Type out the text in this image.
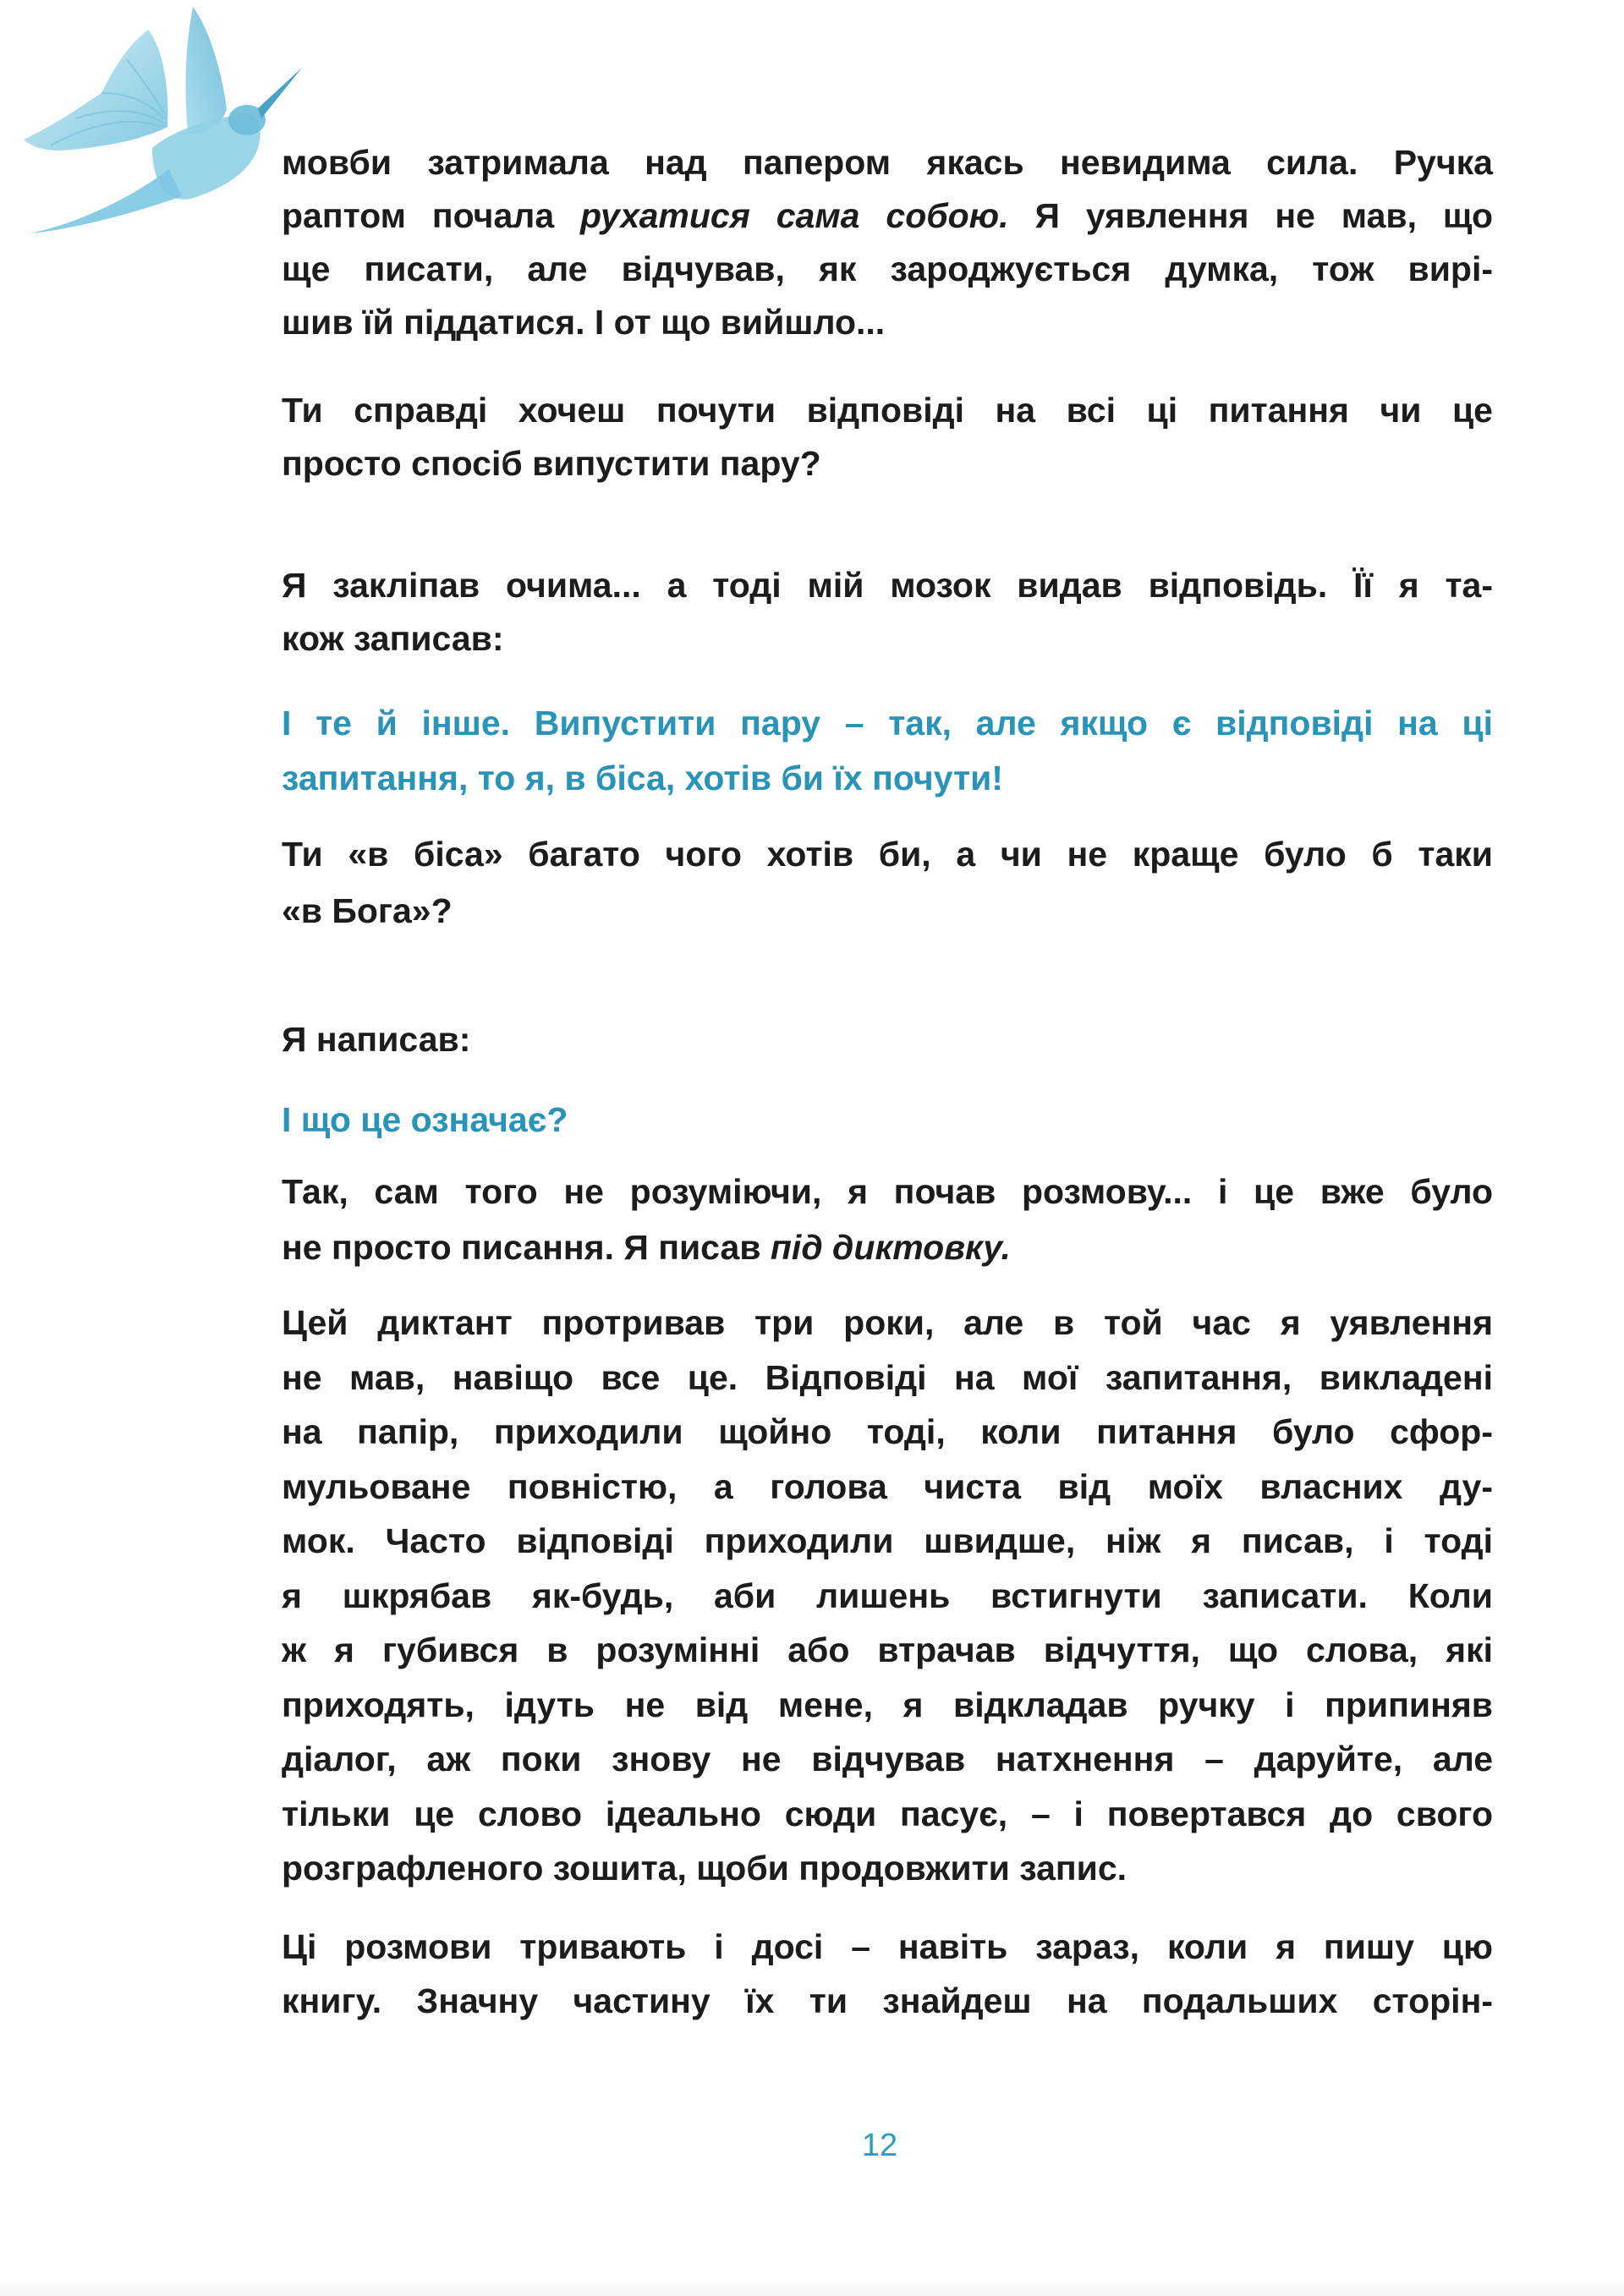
мовби затримала над папером якась невидима сила. Ручка
раптом почала рухатися сама собою. Я уявлення не мав, що
ще писати, але відчував, як зароджується думка, тож вирі-
шив їй піддатися. І от що вийшло...
Ти справді хочеш почути відповіді на всі ці питання чи це
просто спосіб випустити пару?
Я закліпав очима... а тоді мій мозок видав відповідь. Її я та-
кож записав:
І те й інше. Випустити пару – так, але якщо є відповіді на ці
запитання, то я, в біса, хотів би їх почути!
Ти «в біса» багато чого хотів би, а чи не краще було б таки
«в Бога»?
Я написав:
І що це означає?
Так, сам того не розуміючи, я почав розмову... і це вже було
не просто писання. Я писав під диктовку.
Цей диктант протривав три роки, але в той час я уявлення
не мав, навіщо все це. Відповіді на мої запитання, викладені
на папір, приходили щойно тоді, коли питання було сфор-
мульоване повністю, а голова чиста від моїх власних ду-
мок. Часто відповіді приходили швидше, ніж я писав, і тоді
я шкрябав як-будь, аби лишень встигнути записати. Коли
ж я губився в розумінні або втрачав відчуття, що слова, які
приходять, ідуть не від мене, я відкладав ручку і припиняв
діалог, аж поки знову не відчував натхнення – даруйте, але
тільки це слово ідеально сюди пасує, – і повертався до свого
розграфленого зошита, щоби продовжити запис.
Ці розмови тривають і досі – навіть зараз, коли я пишу цю
книгу. Значну частину їх ти знайдеш на подальших сторін-
12
